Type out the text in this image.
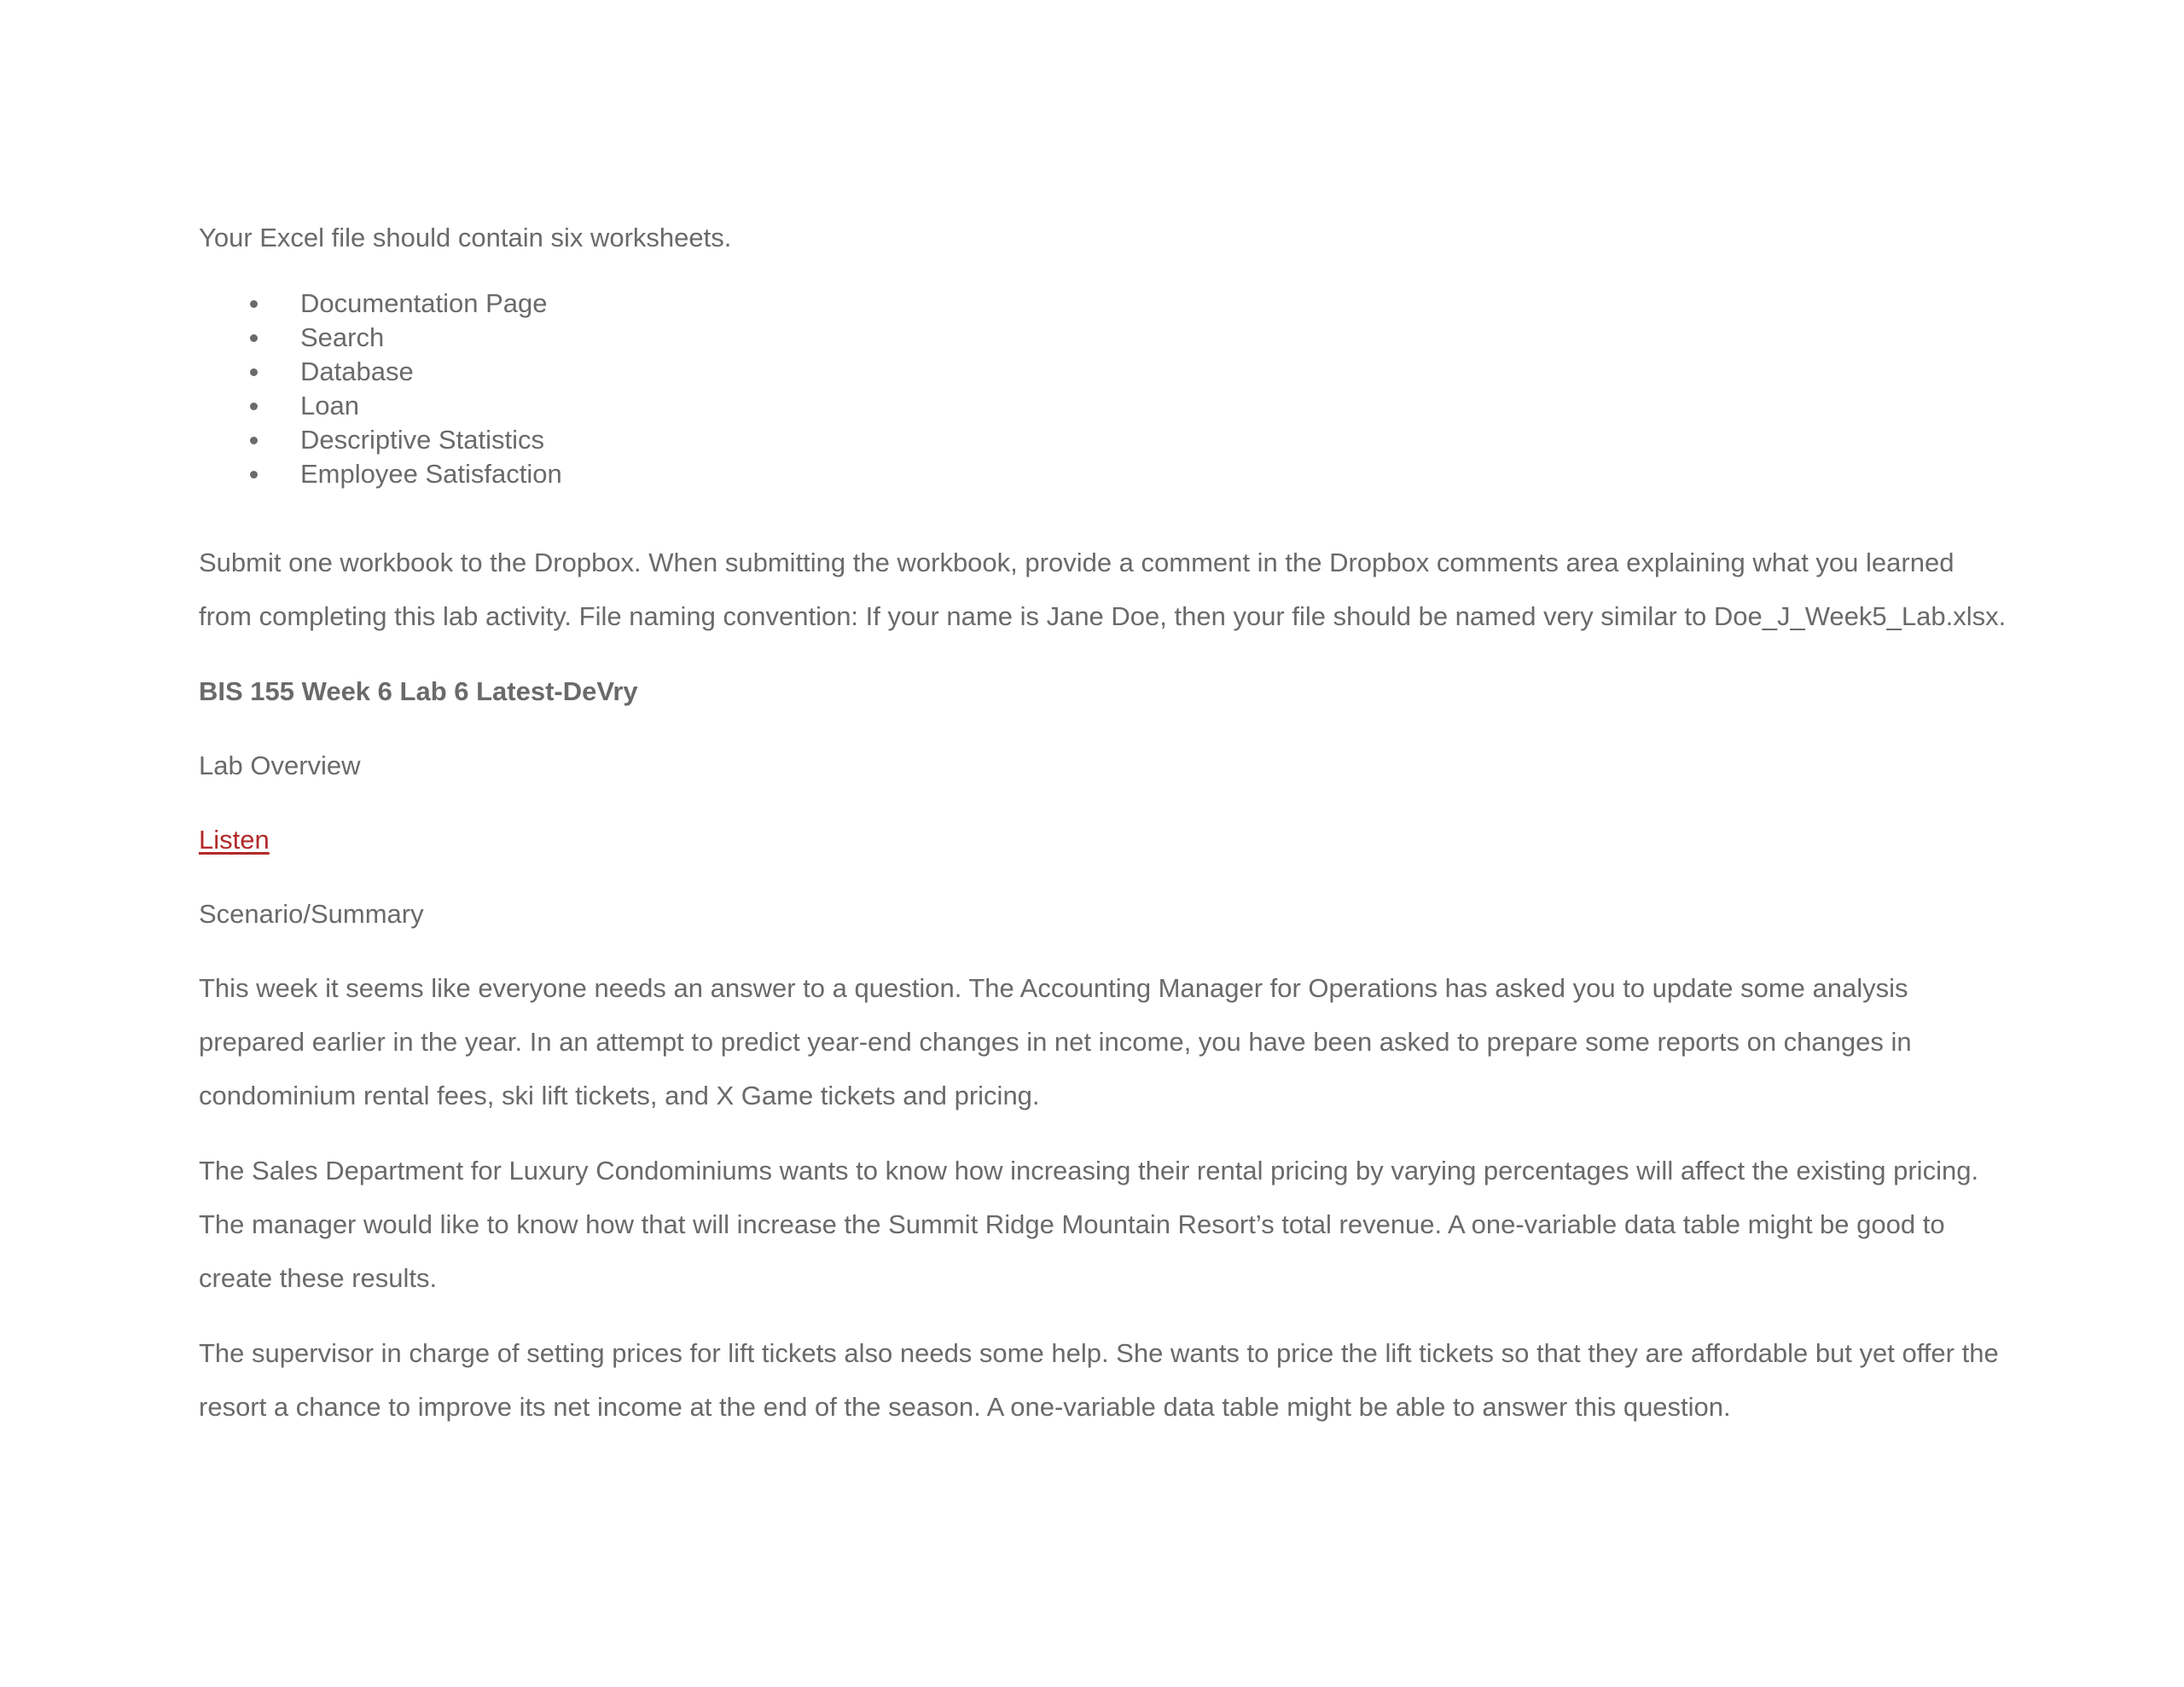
Your Excel file should contain six worksheets.

Documentation Page
Search
Database
Loan
Descriptive Statistics
Employee Satisfaction

Submit one workbook to the Dropbox. When submitting the workbook, provide a comment in the Dropbox comments area explaining what you learned from completing this lab activity. File naming convention: If your name is Jane Doe, then your file should be named very similar to Doe_J_Week5_Lab.xlsx.

BIS 155 Week 6 Lab 6 Latest-DeVry

Lab Overview

Listen

Scenario/Summary

This week it seems like everyone needs an answer to a question. The Accounting Manager for Operations has asked you to update some analysis prepared earlier in the year. In an attempt to predict year-end changes in net income, you have been asked to prepare some reports on changes in condominium rental fees, ski lift tickets, and X Game tickets and pricing.

The Sales Department for Luxury Condominiums wants to know how increasing their rental pricing by varying percentages will affect the existing pricing. The manager would like to know how that will increase the Summit Ridge Mountain Resort’s total revenue. A one-variable data table might be good to create these results.

The supervisor in charge of setting prices for lift tickets also needs some help. She wants to price the lift tickets so that they are affordable but yet offer the resort a chance to improve its net income at the end of the season. A one-variable data table might be able to answer this question.
